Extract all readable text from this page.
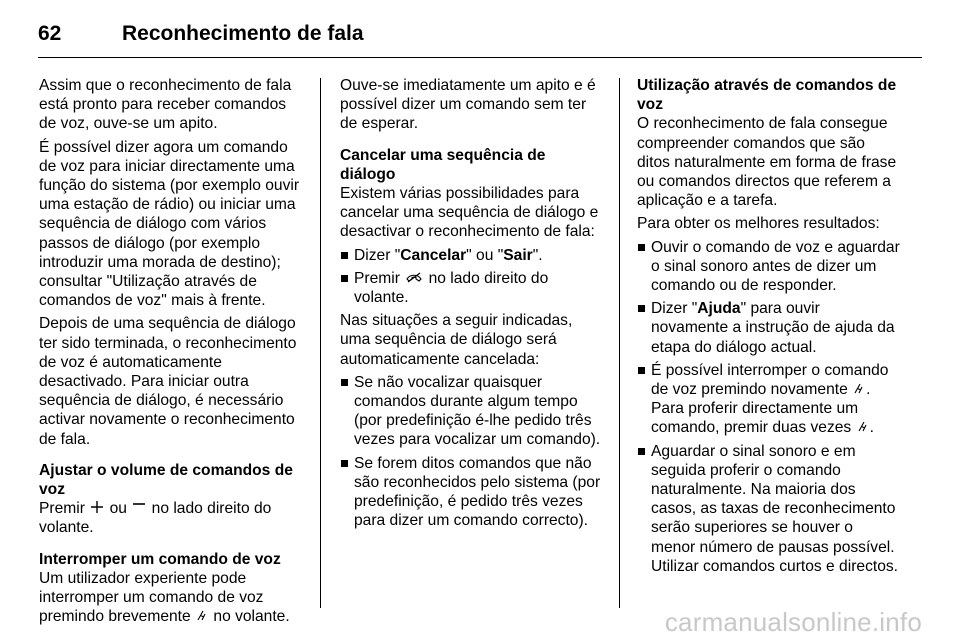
62	Reconhecimento de fala

Assim que o reconhecimento de fala está pronto para receber comandos de voz, ouve-se um apito.

É possível dizer agora um comando de voz para iniciar directamente uma função do sistema (por exemplo ouvir uma estação de rádio) ou iniciar uma sequência de diálogo com vários passos de diálogo (por exemplo introduzir uma morada de destino); consultar "Utilização através de comandos de voz" mais à frente.

Depois de uma sequência de diálogo ter sido terminada, o reconhecimento de voz é automaticamente desactivado. Para iniciar outra sequência de diálogo, é necessário activar novamente o reconhecimento de fala.

Ajustar o volume de comandos de voz

Premir ou no lado direito do volante.

Interromper um comando de voz

Um utilizador experiente pode interromper um comando de voz premindo brevemente no volante.

Ouve-se imediatamente um apito e é possível dizer um comando sem ter de esperar.

Cancelar uma sequência de diálogo

Existem várias possibilidades para cancelar uma sequência de diálogo e desactivar o reconhecimento de fala:

Dizer "Cancelar" ou "Sair".
Premir no lado direito do volante.

Nas situações a seguir indicadas, uma sequência de diálogo será automaticamente cancelada:

Se não vocalizar quaisquer comandos durante algum tempo (por predefinição é-lhe pedido três vezes para vocalizar um comando).
Se forem ditos comandos que não são reconhecidos pelo sistema (por predefinição, é pedido três vezes para dizer um comando correcto).
Utilização através de comandos de voz

O reconhecimento de fala consegue compreender comandos que são ditos naturalmente em forma de frase ou comandos directos que referem a aplicação e a tarefa.

Para obter os melhores resultados:

Ouvir o comando de voz e aguardar o sinal sonoro antes de dizer um comando ou de responder.
Dizer "Ajuda" para ouvir novamente a instrução de ajuda da etapa do diálogo actual.
É possível interromper o comando de voz premindo novamente . Para proferir directamente um comando, premir duas vezes .
Aguardar o sinal sonoro e em seguida proferir o comando naturalmente. Na maioria dos casos, as taxas de reconhecimento serão superiores se houver o menor número de pausas possível. Utilizar comandos curtos e directos.
carmanualsonline.info
